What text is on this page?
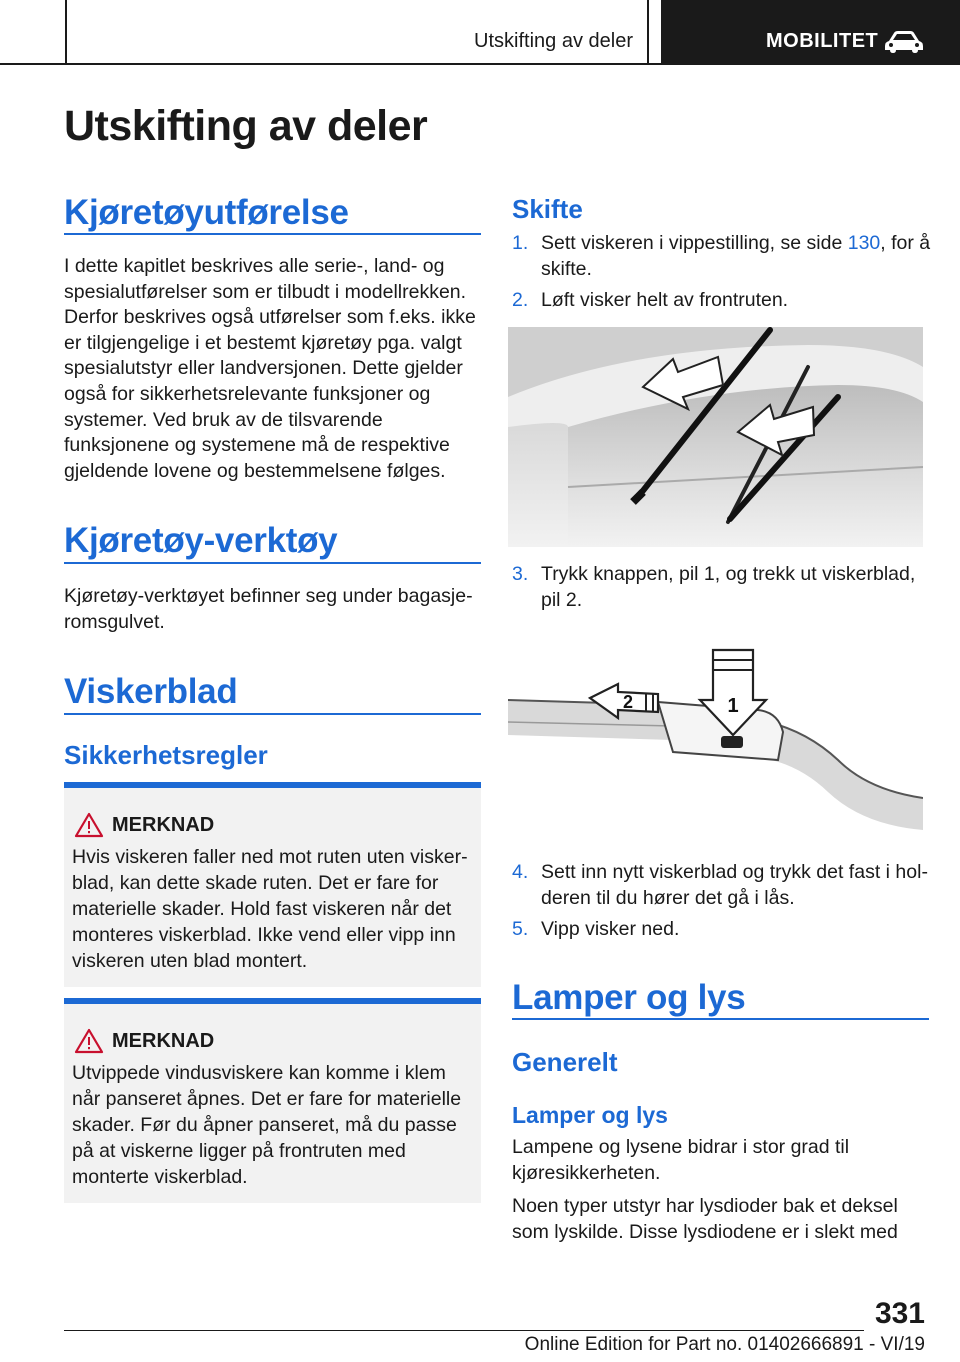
Utskifting av deler	MOBILITET
Utskifting av deler
Kjøretøyutførelse

I dette kapitlet beskrives alle serie-, land- og spesialutførelser som er tilbudt i modellrekken. Derfor beskrives også utførelser som f.eks. ikke er tilgjengelige i et bestemt kjøretøy pga. valgt spesialutstyr eller landversjonen. Dette gjelder også for sikkerhetsrelevante funksjoner og systemer. Ved bruk av de tilsvarende funksjonene og systemene må de respektive gjeldende lovene og bestemmelsene følges.

Kjøretøy-verktøy

Kjøretøy-verktøyet befinner seg under bagasjeromsgulvet.

Viskerblad
Sikkerhetsregler
MERKNAD

Hvis viskeren faller ned mot ruten uten viskerblad, kan dette skade ruten. Det er fare for materielle skader. Hold fast viskeren når det monteres viskerblad. Ikke vend eller vipp inn viskeren uten blad montert.

MERKNAD

Utvippede vindusviskere kan komme i klem når panseret åpnes. Det er fare for materielle skader. Før du åpner panseret, må du passe på at viskerne ligger på frontruten med monterte viskerblad.

Skifte
1. Sett viskeren i vippestilling, se side 130, for å skifte.
2. Løft visker helt av frontruten.
3. Trykk knappen, pil 1, og trekk ut viskerblad, pil 2.
1
2
4. Sett inn nytt viskerblad og trykk det fast i holderen til du hører det gå i lås.
5. Vipp visker ned.
Lamper og lys
Generelt
Lamper og lys

Lampene og lysene bidrar i stor grad til kjøresikkerheten.

Noen typer utstyr har lysdioder bak et deksel som lyskilde. Disse lysdiodene er i slekt med

331
Online Edition for Part no. 01402666891 - VI/19
